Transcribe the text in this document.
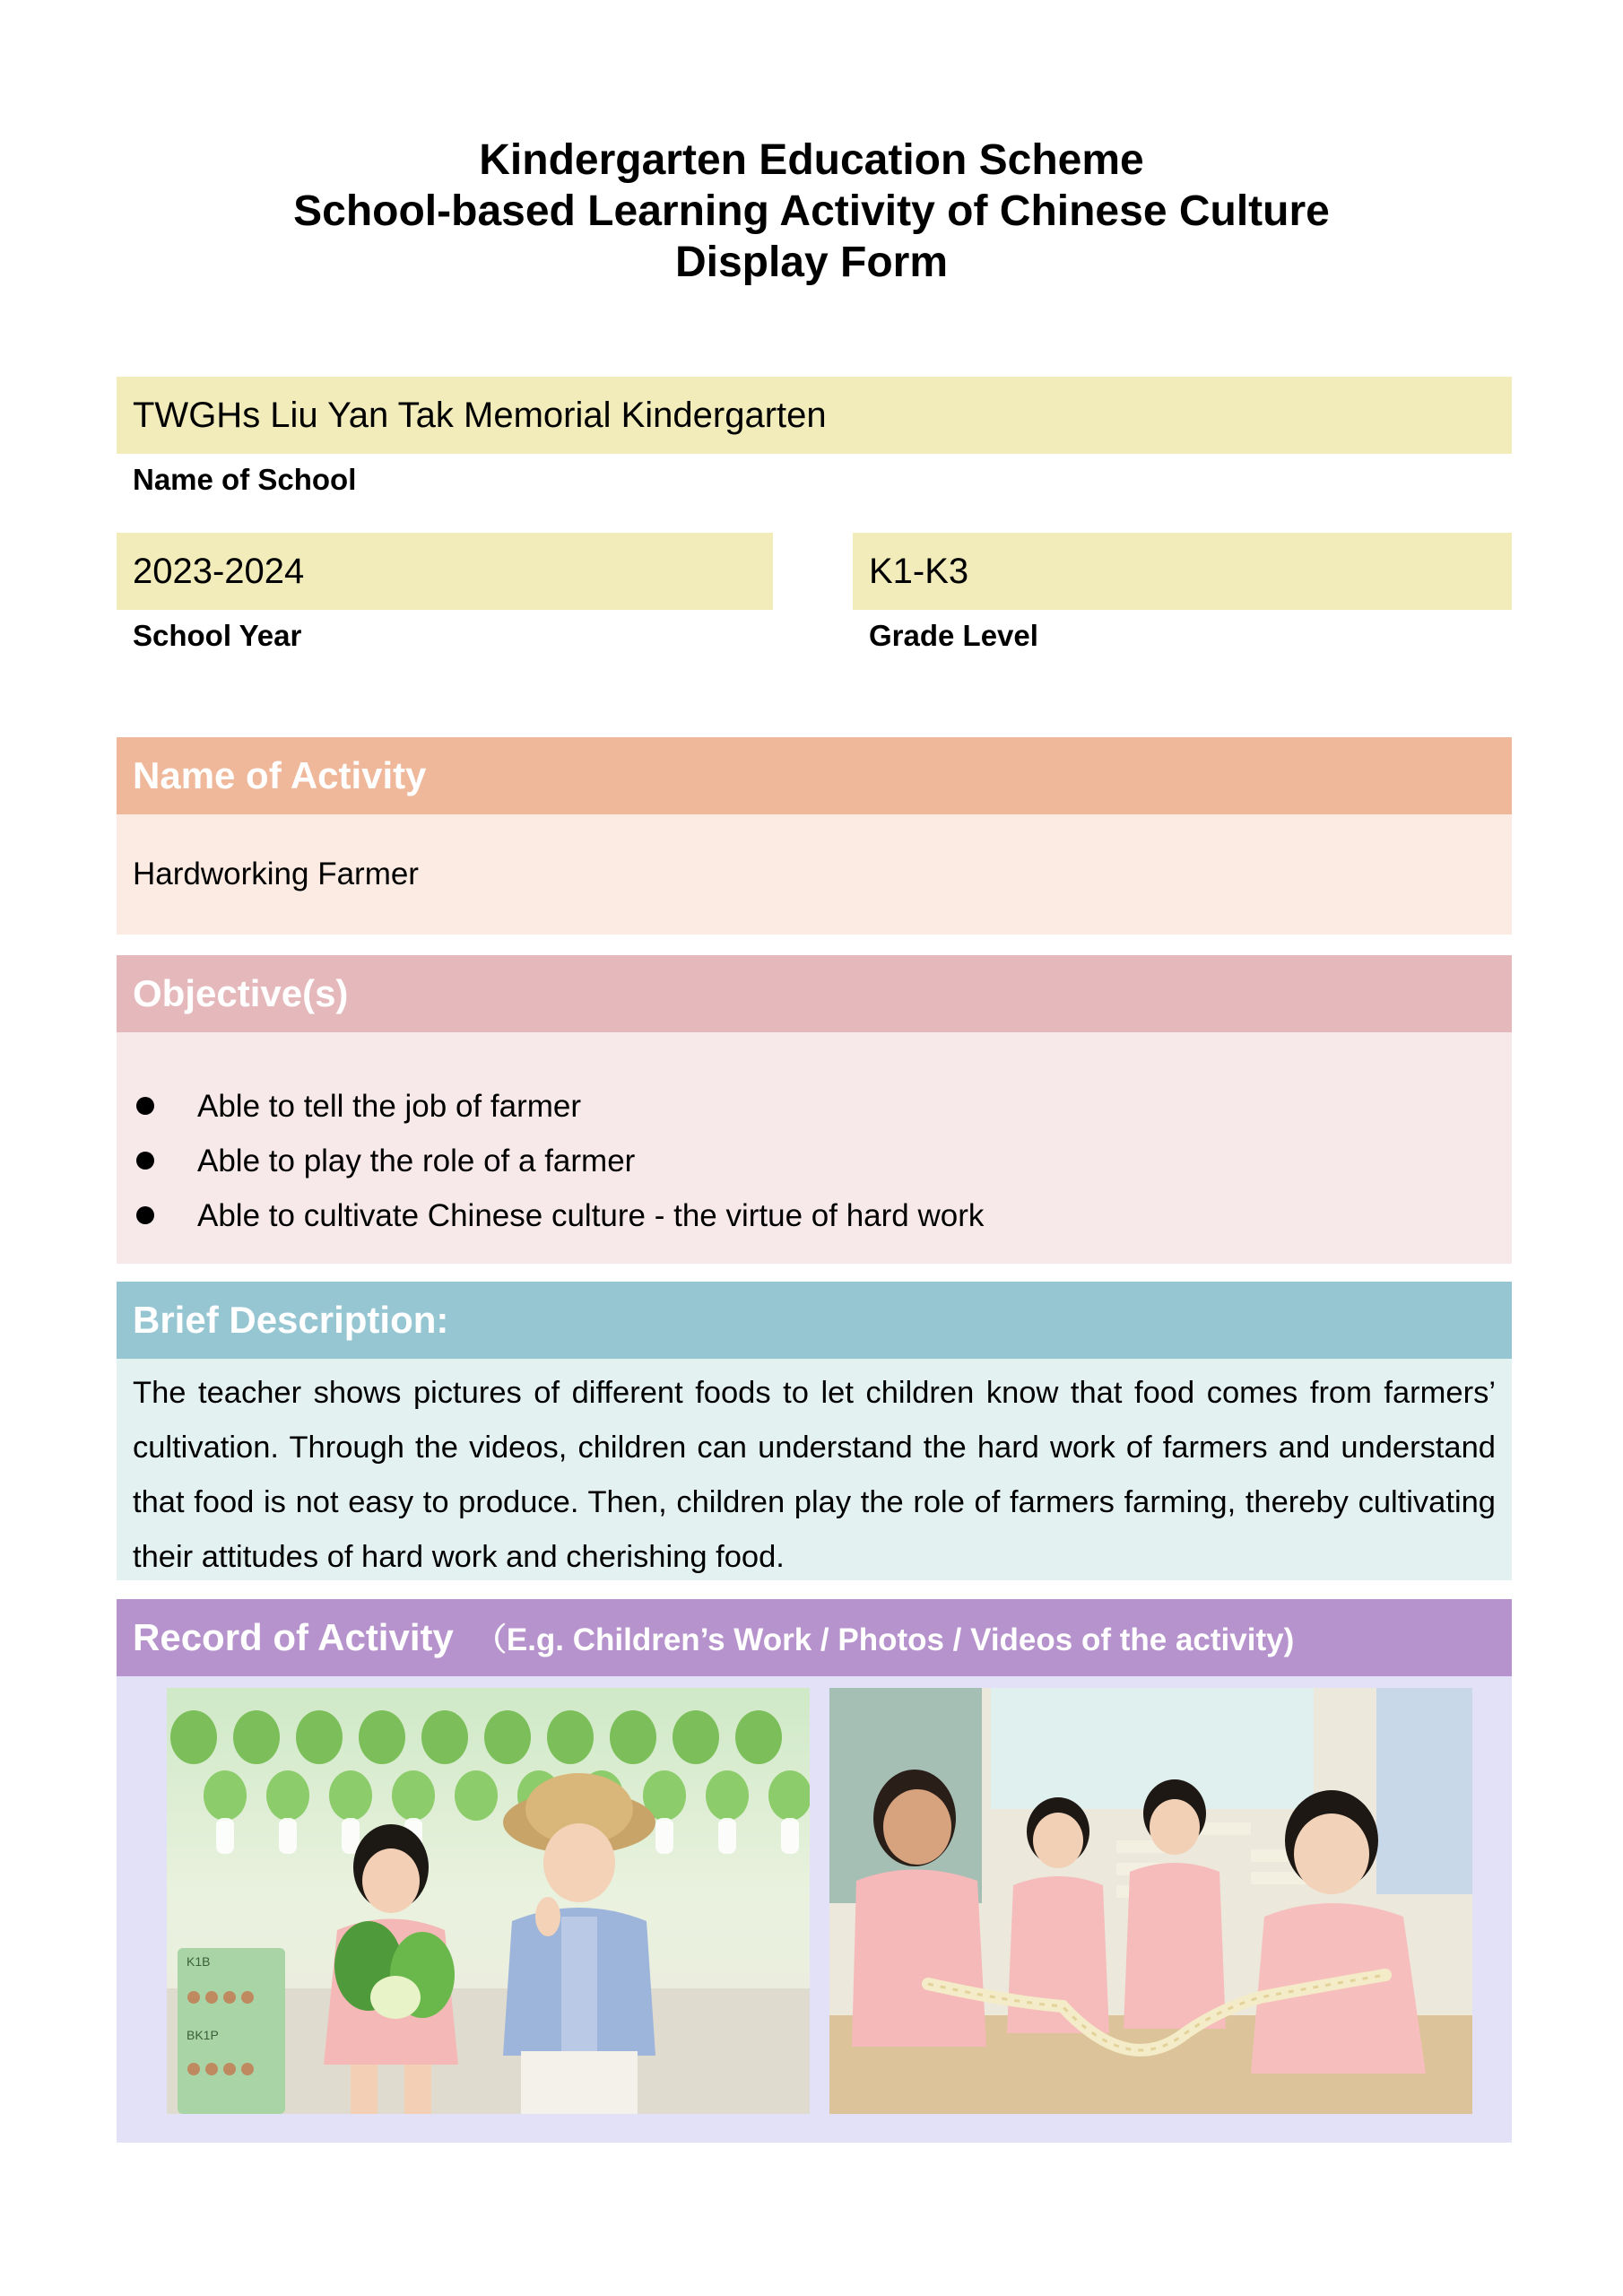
Kindergarten Education Scheme
School-based Learning Activity of Chinese Culture
Display Form
TWGHs Liu Yan Tak Memorial Kindergarten
Name of School
2023-2024
School Year
K1-K3
Grade Level
Name of Activity
Hardworking Farmer
Objective(s)
Able to tell the job of farmer
Able to play the role of a farmer
Able to cultivate Chinese culture - the virtue of hard work
Brief Description:
The teacher shows pictures of different foods to let children know that food comes from farmers’ cultivation. Through the videos, children can understand the hard work of farmers and understand that food is not easy to produce. Then, children play the role of farmers farming, thereby cultivating their attitudes of hard work and cherishing food.
Record of Activity （E.g. Children’s Work / Photos / Videos of the activity)
K1B
BK1P
